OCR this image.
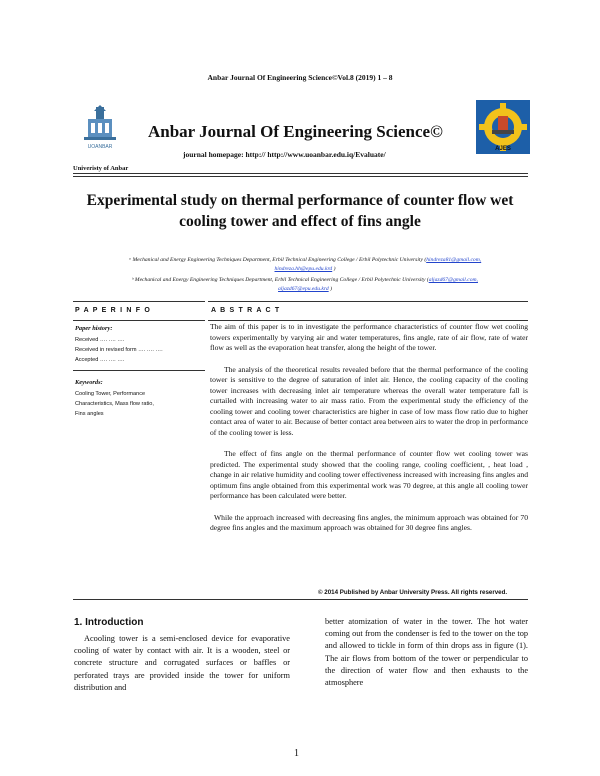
Anbar Journal Of Engineering Science©Vol.8 (2019) 1 – 8
UOANBAR
Univeristy of Anbar
Anbar Journal Of Engineering Science©
journal homepage: http:// http://www.uoanbar.edu.iq/Evaluate/
AJES
Experimental study on thermal performance of counter flow wet
cooling tower and effect of fins angle
ᵃ Mechanical and Energy Engineering Techniques Department, Erbil Technical Engineering College / Erbil Polytechnic University (hindreza81@gmail.com,
hindreza.hh@epu.edu.krd )
ᵇ Mechanical and Energy Engineering Techniques Department, Erbil Technical Engineering College / Erbil Polytechnic University (aljazd67@gmail.com,
aljazd67@epu.edu.krd )
P A P E R I N F O
Paper history:
Received …. …. ….
Received in revised form …. …. ….
Accepted …. …. ….
Keywords:
Cooling Tower, Performance
Characteristics, Mass flow ratio,
Fins angles
A B S T R A C T

The aim of this paper is to in investigate the performance characteristics of counter flow wet cooling towers experimentally by varying air and water temperatures, fins angle, rate of air flow, rate of water flow as well as the evaporation heat transfer, along the height of the tower.

The analysis of the theoretical results revealed before that the thermal performance of the cooling tower is sensitive to the degree of saturation of inlet air. Hence, the cooling capacity of the cooling tower increases with decreasing inlet air temperature whereas the overall water temperature fall is curtailed with increasing water to air mass ratio. From the experimental study the efficiency of the cooling tower and cooling tower characteristics are higher in case of low mass flow ratio due to higher contact area of water to air. Because of better contact area between airs to water the drop in performance of the cooling tower is less.

The effect of fins angle on the thermal performance of counter flow wet cooling tower was predicted. The experimental study showed that the cooling range, cooling coefficient, , heat load , change in air relative humidity and cooling tower effectiveness increased with increasing fins angles and optimum fins angle obtained from this experimental work was 70 degree, at this angle all cooling tower performance has been calculated were better.

While the approach increased with decreasing fins angles, the minimum approach was obtained for 70 degree fins angles and the maximum approach was obtained for 30 degree fins angles.

© 2014 Published by Anbar University Press. All rights reserved.
1. Introduction
Acooling tower is a semi-enclosed device for evaporative cooling of water by contact with air. It is a wooden, steel or concrete structure and corrugated surfaces or baffles or perforated trays are provided inside the tower for uniform distribution and
better atomization of water in the tower. The hot water coming out from the condenser is fed to the tower on the top and allowed to tickle in form of thin drops ass in figure (1). The air flows from bottom of the tower or perpendicular to the direction of water flow and then exhausts to the atmosphere
1
